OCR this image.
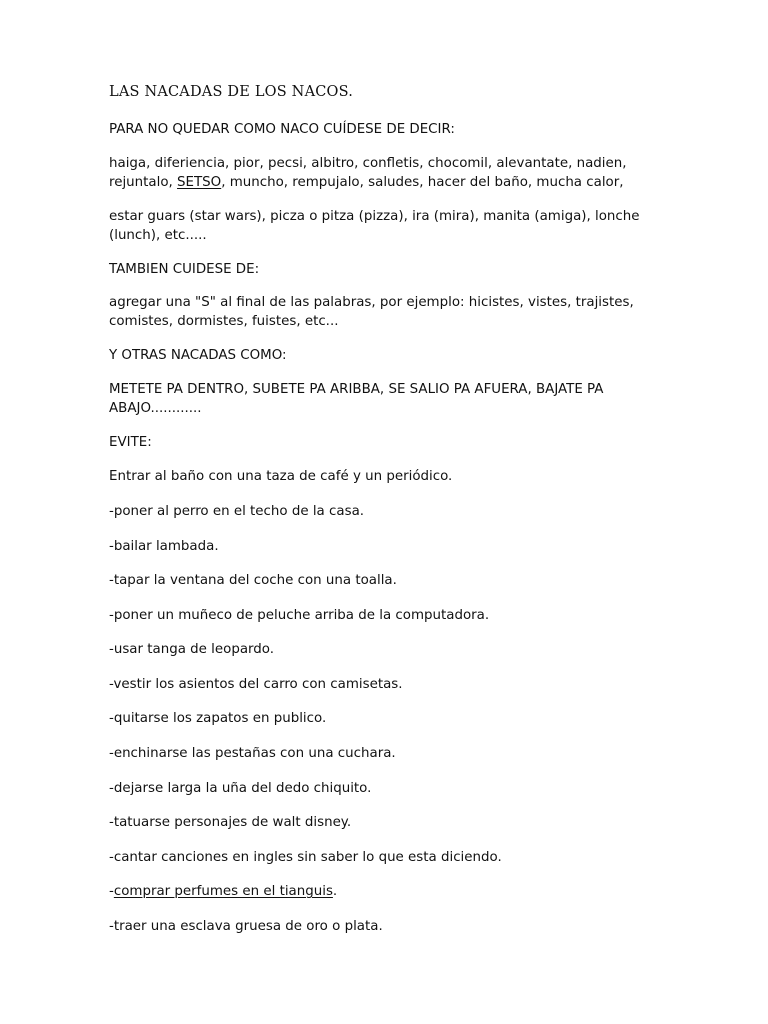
LAS NACADAS DE LOS NACOS.
PARA NO QUEDAR COMO NACO CUÍDESE DE DECIR:
haiga, diferiencia, pior, pecsi, albitro, confletis, chocomil, alevantate, nadien,
rejuntalo, SETSO, muncho, rempujalo, saludes, hacer del baño, mucha calor,
estar guars (star wars), picza o pitza (pizza), ira (mira), manita (amiga), lonche
(lunch), etc.....
TAMBIEN CUIDESE DE:
agregar una "S" al final de las palabras, por ejemplo: hicistes, vistes, trajistes,
comistes, dormistes, fuistes, etc...
Y OTRAS NACADAS COMO:
METETE PA DENTRO, SUBETE PA ARIBBA, SE SALIO PA AFUERA, BAJATE PA
ABAJO............
EVITE:
Entrar al baño con una taza de café y un periódico.
-poner al perro en el techo de la casa.
-bailar lambada.
-tapar la ventana del coche con una toalla.
-poner un muñeco de peluche arriba de la computadora.
-usar tanga de leopardo.
-vestir los asientos del carro con camisetas.
-quitarse los zapatos en publico.
-enchinarse las pestañas con una cuchara.
-dejarse larga la uña del dedo chiquito.
-tatuarse personajes de walt disney.
-cantar canciones en ingles sin saber lo que esta diciendo.
-comprar perfumes en el tianguis.
-traer una esclava gruesa de oro o plata.
